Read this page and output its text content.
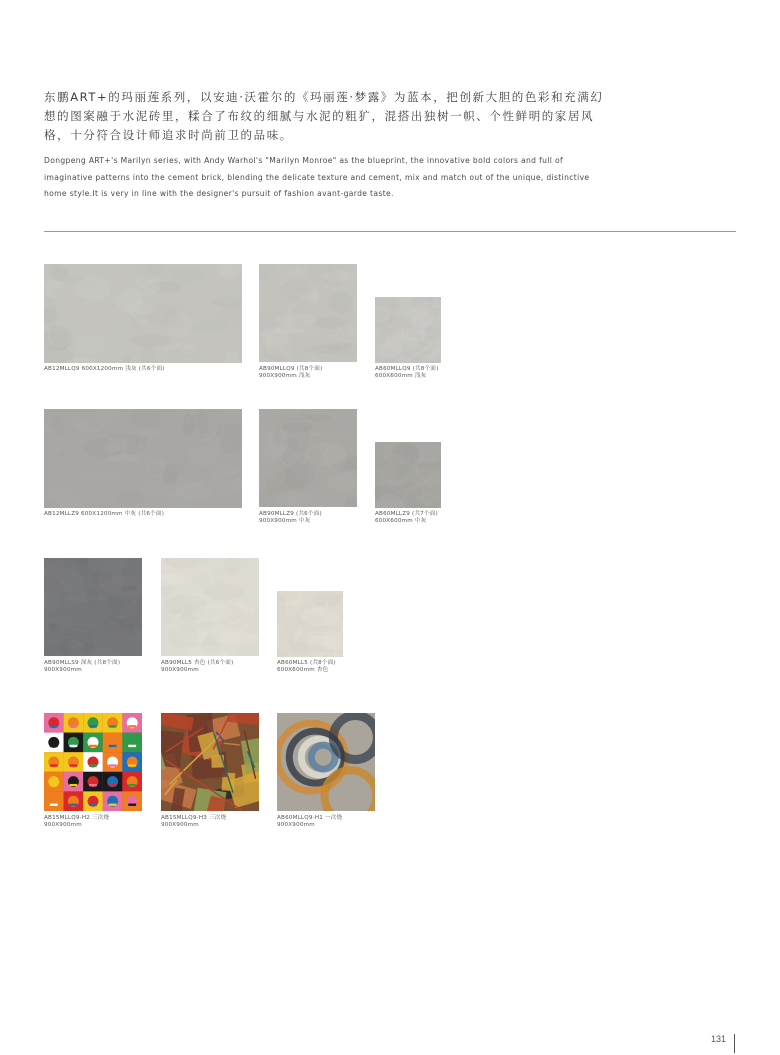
东鹏ART+的玛丽莲系列，以安迪·沃霍尔的《玛丽莲·梦露》为蓝本，把创新大胆的色彩和充满幻想的图案融于水泥砖里，糅合了布纹的细腻与水泥的粗犷，混搭出独树一帜、个性鲜明的家居风格，十分符合设计师追求时尚前卫的品味。

Dongpeng ART+'s Marilyn series, with Andy Warhol's "Marilyn Monroe" as the blueprint, the innovative bold colors and full of imaginative patterns into the cement brick, blending the delicate texture and cement, mix and match out of the unique, distinctive home style.It is very in line with the designer's pursuit of fashion avant-garde taste.

AB12MLLQ9 600X1200mm 浅灰 (共6个面)	AB90MLLQ9 (共8个面)
900X900mm 浅灰
AB60MLLQ9 (共8个面)
600X600mm 浅灰
AB12MLLZ9 600X1200mm 中灰 (共6个面)	AB90MLLZ9 (共6个面)
900X900mm 中灰
AB60MLLZ9 (共7个面)
600X600mm 中灰
AB90MLLS9 深灰 (共8个面)
900X900mm
AB90MLL5 杏色 (共6个面)
900X900mm
AB60MLL5 (共8个面)
600X600mm 杏色
AB15MLLQ9-H2 三次烧
900X900mm
AB15MLLQ9-H3 三次烧
900X900mm
AB60MLLQ9-H1 一次烧
900X900mm
131
